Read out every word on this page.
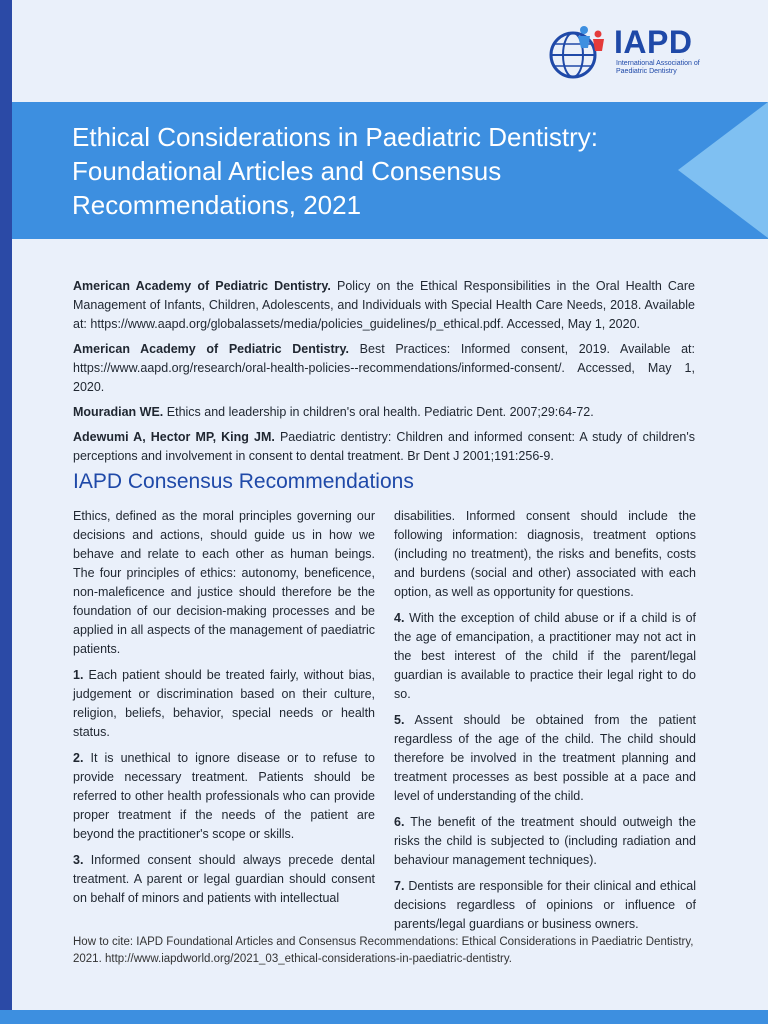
IAPD
International Association of Paediatric Dentistry
Ethical Considerations in Paediatric Dentistry: Foundational Articles and Consensus Recommendations, 2021

American Academy of Pediatric Dentistry. Policy on the Ethical Responsibilities in the Oral Health Care Management of Infants, Children, Adolescents, and Individuals with Special Health Care Needs, 2018. Available at: https://www.aapd.org/globalassets/media/policies_guidelines/p_ethical.pdf. Accessed, May 1, 2020.

American Academy of Pediatric Dentistry. Best Practices: Informed consent, 2019. Available at: https://www.aapd.org/research/oral-health-policies--recommendations/informed-consent/. Accessed, May 1, 2020.

Mouradian WE. Ethics and leadership in children's oral health. Pediatric Dent. 2007;29:64-72.

Adewumi A, Hector MP, King JM. Paediatric dentistry: Children and informed consent: A study of children's perceptions and involvement in consent to dental treatment. Br Dent J 2001;191:256-9.

IAPD Consensus Recommendations

Ethics, defined as the moral principles governing our decisions and actions, should guide us in how we behave and relate to each other as human beings. The four principles of ethics: autonomy, beneficence, non-maleficence and justice should therefore be the foundation of our decision-making processes and be applied in all aspects of the management of paediatric patients.

1. Each patient should be treated fairly, without bias, judgement or discrimination based on their culture, religion, beliefs, behavior, special needs or health status.

2. It is unethical to ignore disease or to refuse to provide necessary treatment. Patients should be referred to other health professionals who can provide proper treatment if the needs of the patient are beyond the practitioner's scope or skills.

3. Informed consent should always precede dental treatment. A parent or legal guardian should consent on behalf of minors and patients with intellectual

disabilities. Informed consent should include the following information: diagnosis, treatment options (including no treatment), the risks and benefits, costs and burdens (social and other) associated with each option, as well as opportunity for questions.

4. With the exception of child abuse or if a child is of the age of emancipation, a practitioner may not act in the best interest of the child if the parent/legal guardian is available to practice their legal right to do so.

5. Assent should be obtained from the patient regardless of the age of the child. The child should therefore be involved in the treatment planning and treatment processes as best possible at a pace and level of understanding of the child.

6. The benefit of the treatment should outweigh the risks the child is subjected to (including radiation and behaviour management techniques).

7. Dentists are responsible for their clinical and ethical decisions regardless of opinions or influence of parents/legal guardians or business owners.

How to cite: IAPD Foundational Articles and Consensus Recommendations: Ethical Considerations in Paediatric Dentistry, 2021. http://www.iapdworld.org/2021_03_ethical-considerations-in-paediatric-dentistry.
